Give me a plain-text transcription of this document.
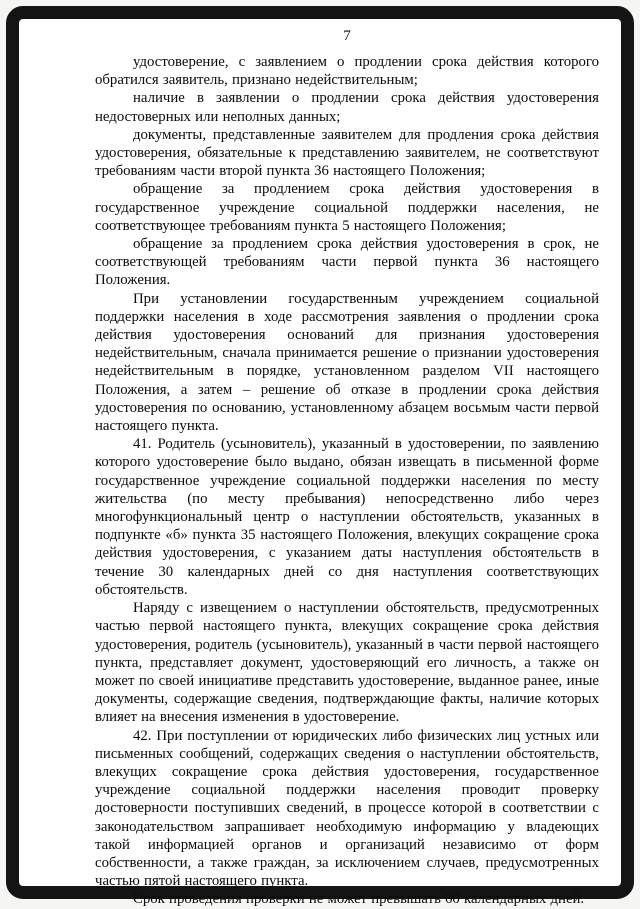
7

удостоверение, с заявлением о продлении срока действия которого обратился заявитель, признано недействительным;

наличие в заявлении о продлении срока действия удостоверения недостоверных или неполных данных;

документы, представленные заявителем для продления срока действия удостоверения, обязательные к представлению заявителем, не соответствуют требованиям части второй пункта 36 настоящего Положения;

обращение за продлением срока действия удостоверения в государственное учреждение социальной поддержки населения, не соответствующее требованиям пункта 5 настоящего Положения;

обращение за продлением срока действия удостоверения в срок, не соответствующей требованиям части первой пункта 36 настоящего Положения.

При установлении государственным учреждением социальной поддержки населения в ходе рассмотрения заявления о продлении срока действия удостоверения оснований для признания удостоверения недействительным, сначала принимается решение о признании удостоверения недействительным в порядке, установленном разделом VII настоящего Положения, а затем – решение об отказе в продлении срока действия удостоверения по основанию, установленному абзацем восьмым части первой настоящего пункта.

41. Родитель (усыновитель), указанный в удостоверении, по заявлению которого удостоверение было выдано, обязан извещать в письменной форме государственное учреждение социальной поддержки населения по месту жительства (по месту пребывания) непосредственно либо через многофункциональный центр о наступлении обстоятельств, указанных в подпункте «б» пункта 35 настоящего Положения, влекущих сокращение срока действия удостоверения, с указанием даты наступления обстоятельств в течение 30 календарных дней со дня наступления соответствующих обстоятельств.

Наряду с извещением о наступлении обстоятельств, предусмотренных частью первой настоящего пункта, влекущих сокращение срока действия удостоверения, родитель (усыновитель), указанный в части первой настоящего пункта, представляет документ, удостоверяющий его личность, а также он может по своей инициативе представить удостоверение, выданное ранее, иные документы, содержащие сведения, подтверждающие факты, наличие которых влияет на внесения изменения в удостоверение.

42. При поступлении от юридических либо физических лиц устных или письменных сообщений, содержащих сведения о наступлении обстоятельств, влекущих сокращение срока действия удостоверения, государственное учреждение социальной поддержки населения проводит проверку достоверности поступивших сведений, в процессе которой в соответствии с законодательством запрашивает необходимую информацию у владеющих такой информацией органов и организаций независимо от форм собственности, а также граждан, за исключением случаев, предусмотренных частью пятой настоящего пункта.

Срок проведения проверки не может превышать 60 календарных дней.
